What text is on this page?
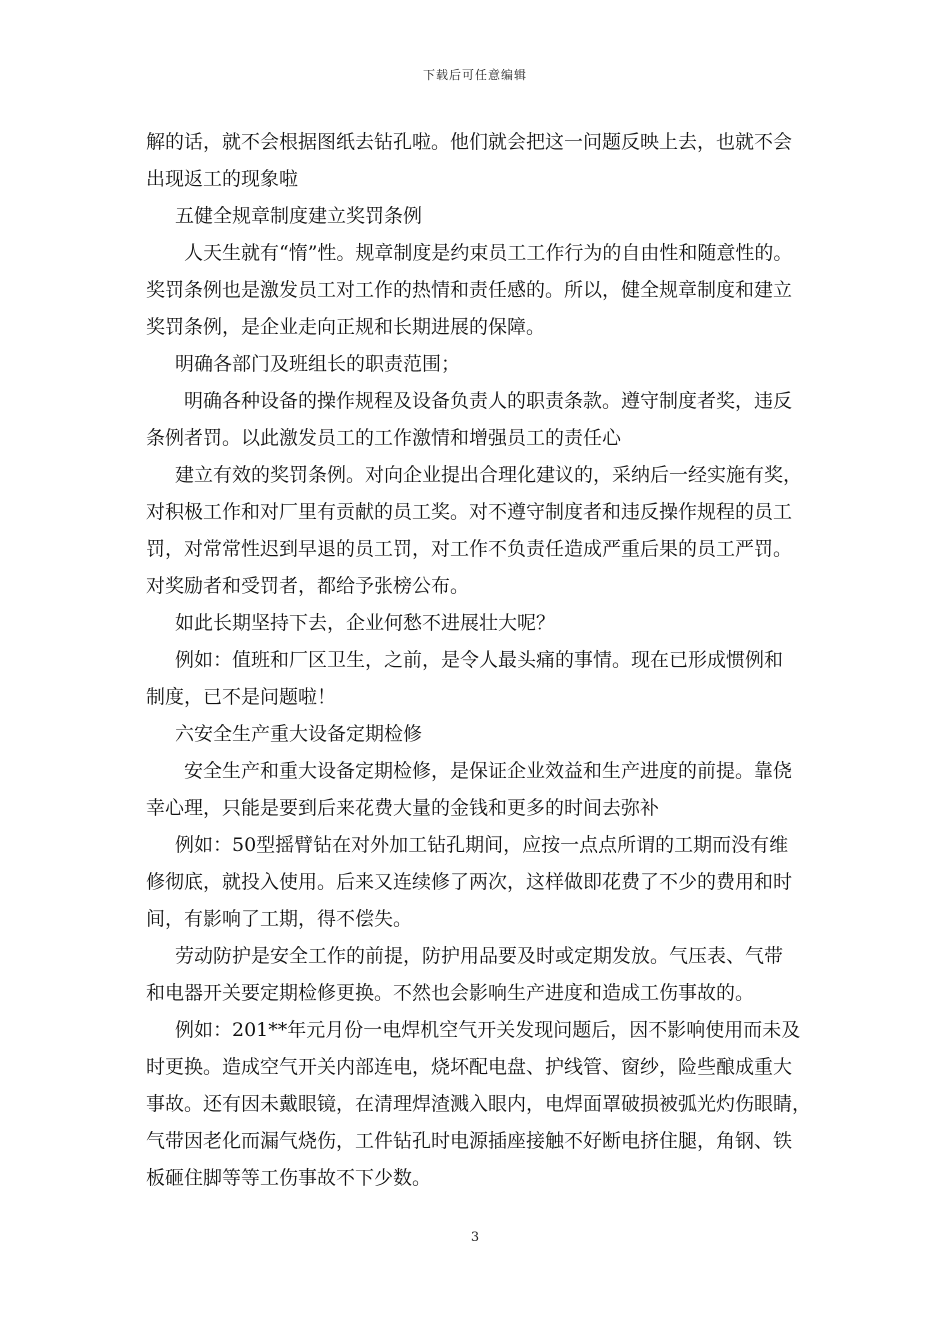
下载后可任意编辑
解的话，就不会根据图纸去钻孔啦。他们就会把这一问题反映上去，也就不会
出现返工的现象啦
五健全规章制度建立奖罚条例
人天生就有“惰”性。规章制度是约束员工工作行为的自由性和随意性的。
奖罚条例也是激发员工对工作的热情和责任感的。所以，健全规章制度和建立
奖罚条例，是企业走向正规和长期进展的保障。
明确各部门及班组长的职责范围；
明确各种设备的操作规程及设备负责人的职责条款。遵守制度者奖，违反
条例者罚。以此激发员工的工作激情和增强员工的责任心
建立有效的奖罚条例。对向企业提出合理化建议的，采纳后一经实施有奖，
对积极工作和对厂里有贡献的员工奖。对不遵守制度者和违反操作规程的员工
罚，对常常性迟到早退的员工罚，对工作不负责任造成严重后果的员工严罚。
对奖励者和受罚者，都给予张榜公布。
如此长期坚持下去，企业何愁不进展壮大呢？
例如：值班和厂区卫生，之前，是令人最头痛的事情。现在已形成惯例和
制度，已不是问题啦！
六安全生产重大设备定期检修
安全生产和重大设备定期检修，是保证企业效益和生产进度的前提。靠侥
幸心理，只能是要到后来花费大量的金钱和更多的时间去弥补
例如：50型摇臂钻在对外加工钻孔期间，应按一点点所谓的工期而没有维
修彻底，就投入使用。后来又连续修了两次，这样做即花费了不少的费用和时
间，有影响了工期，得不偿失。
劳动防护是安全工作的前提，防护用品要及时或定期发放。气压表、气带
和电器开关要定期检修更换。不然也会影响生产进度和造成工伤事故的。
例如：201**年元月份一电焊机空气开关发现问题后，因不影响使用而未及
时更换。造成空气开关内部连电，烧坏配电盘、护线管、窗纱，险些酿成重大
事故。还有因未戴眼镜，在清理焊渣溅入眼内，电焊面罩破损被弧光灼伤眼睛，
气带因老化而漏气烧伤，工件钻孔时电源插座接触不好断电挤住腿，角钢、铁
板砸住脚等等工伤事故不下少数。
3
